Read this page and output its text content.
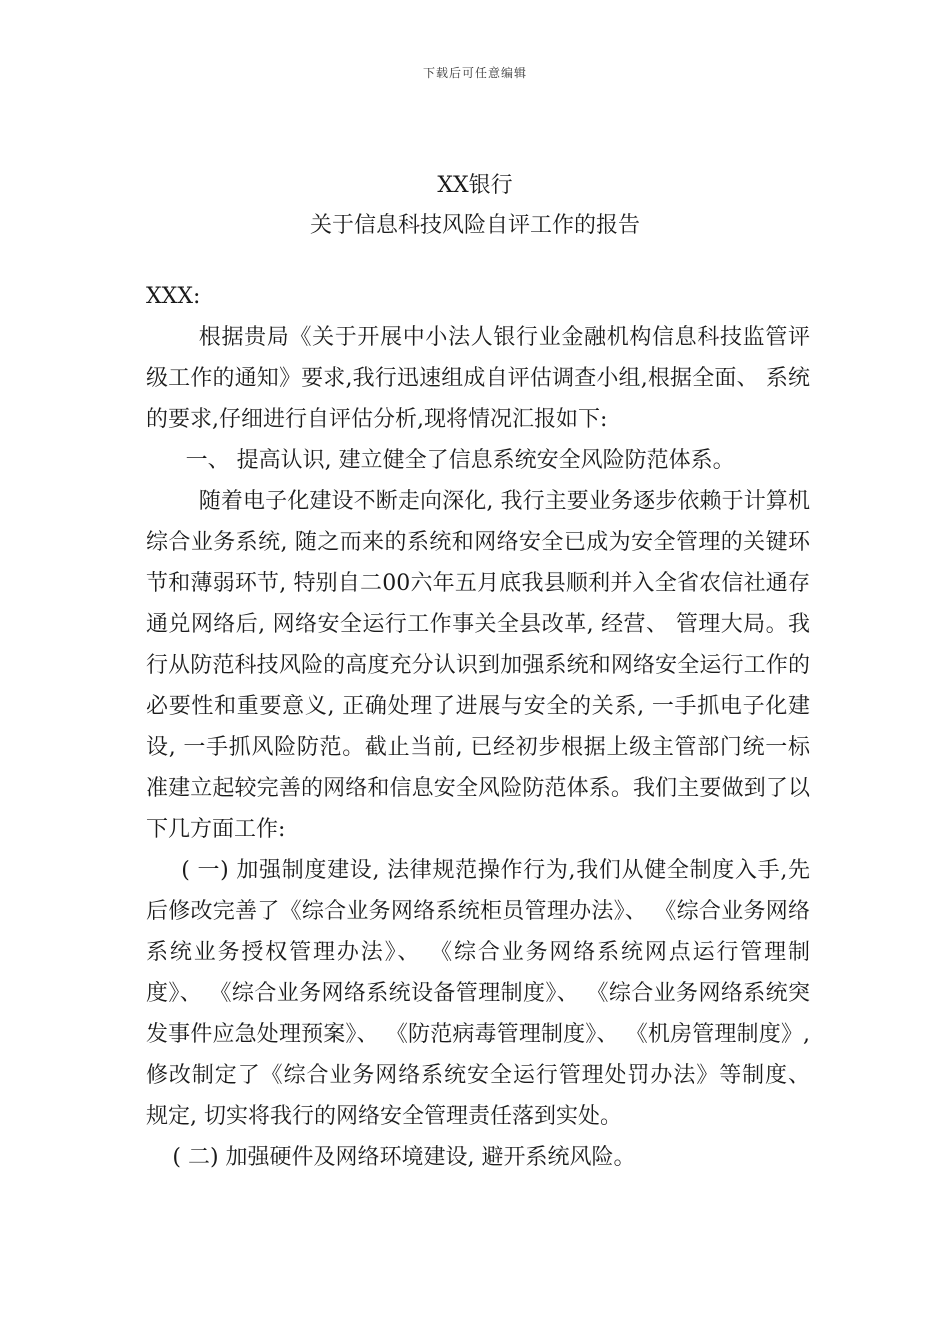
下载后可任意编辑
XX银行
关于信息科技风险自评工作的报告

XXX:

根据贵局《关于开展中小法人银行业金融机构信息科技监管评级工作的通知》要求,我行迅速组成自评估调查小组,根据全面、 系统的要求,仔细进行自评估分析,现将情况汇报如下:

一、 提高认识, 建立健全了信息系统安全风险防范体系。

随着电子化建设不断走向深化, 我行主要业务逐步依赖于计算机综合业务系统, 随之而来的系统和网络安全已成为安全管理的关键环节和薄弱环节, 特别自二00六年五月底我县顺利并入全省农信社通存通兑网络后, 网络安全运行工作事关全县改革, 经营、 管理大局。我行从防范科技风险的高度充分认识到加强系统和网络安全运行工作的必要性和重要意义, 正确处理了进展与安全的关系, 一手抓电子化建设, 一手抓风险防范。截止当前, 已经初步根据上级主管部门统一标准建立起较完善的网络和信息安全风险防范体系。我们主要做到了以下几方面工作:

( 一) 加强制度建设, 法律规范操作行为,我们从健全制度入手,先后修改完善了《综合业务网络系统柜员管理办法》、 《综合业务网络系统业务授权管理办法》、 《综合业务网络系统网点运行管理制度》、 《综合业务网络系统设备管理制度》、 《综合业务网络系统突发事件应急处理预案》、 《防范病毒管理制度》、 《机房管理制度》, 修改制定了《综合业务网络系统安全运行管理处罚办法》等制度、 规定, 切实将我行的网络安全管理责任落到实处。

( 二) 加强硬件及网络环境建设, 避开系统风险。
